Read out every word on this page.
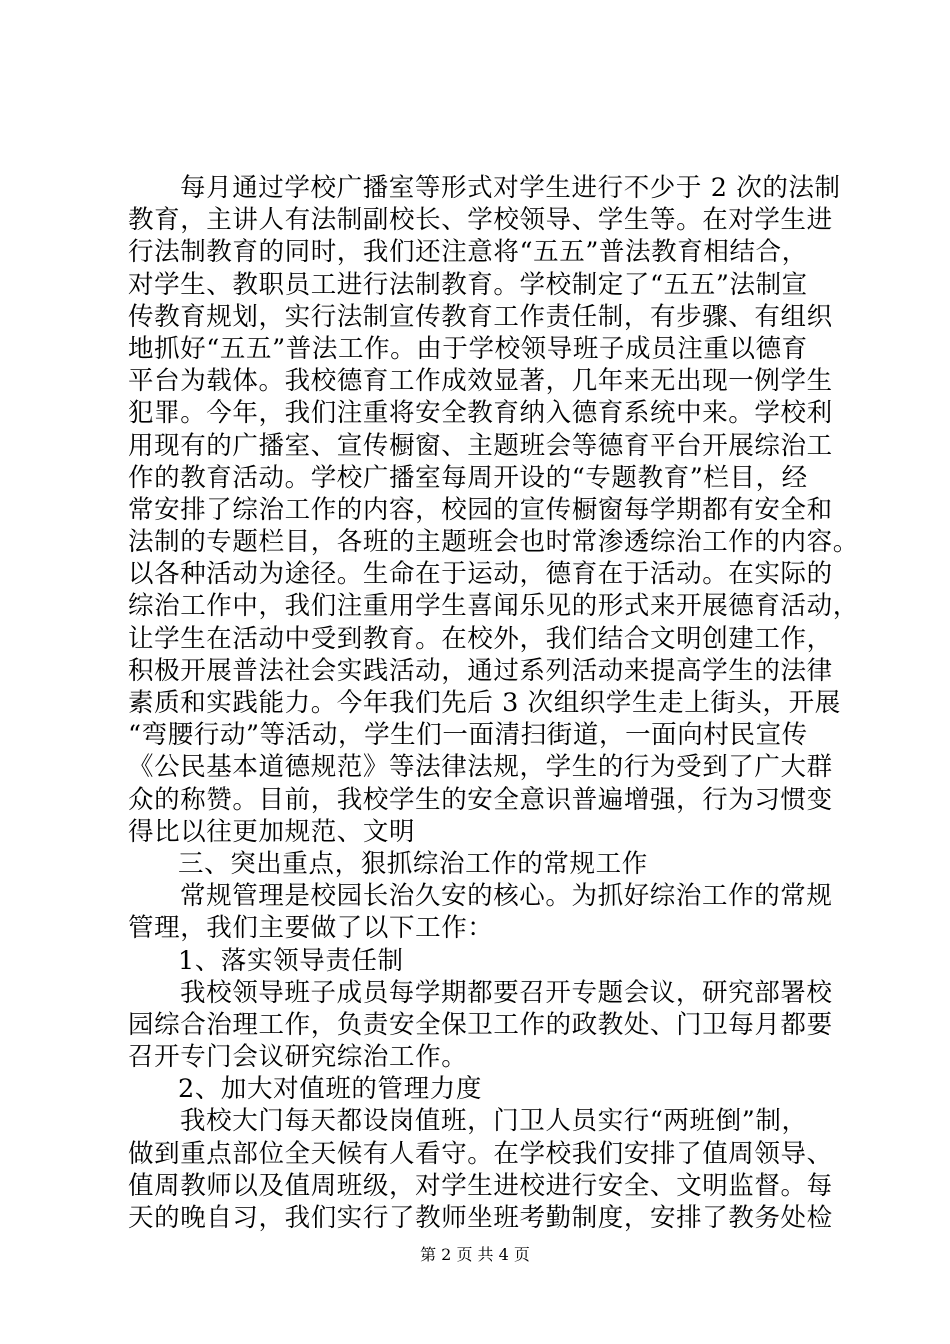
每月通过学校广播室等形式对学生进行不少于 2 次的法制
教育，主讲人有法制副校长、学校领导、学生等。在对学生进
行法制教育的同时，我们还注意将“五五”普法教育相结合，
对学生、教职员工进行法制教育。学校制定了“五五”法制宣
传教育规划，实行法制宣传教育工作责任制，有步骤、有组织
地抓好“五五”普法工作。由于学校领导班子成员注重以德育
平台为载体。我校德育工作成效显著，几年来无出现一例学生
犯罪。今年，我们注重将安全教育纳入德育系统中来。学校利
用现有的广播室、宣传橱窗、主题班会等德育平台开展综治工
作的教育活动。学校广播室每周开设的“专题教育”栏目，经
常安排了综治工作的内容，校园的宣传橱窗每学期都有安全和
法制的专题栏目，各班的主题班会也时常渗透综治工作的内容。
以各种活动为途径。生命在于运动，德育在于活动。在实际的
综治工作中，我们注重用学生喜闻乐见的形式来开展德育活动，
让学生在活动中受到教育。在校外，我们结合文明创建工作，
积极开展普法社会实践活动，通过系列活动来提高学生的法律
素质和实践能力。今年我们先后 3 次组织学生走上街头，开展
“弯腰行动”等活动，学生们一面清扫街道，一面向村民宣传
《公民基本道德规范》等法律法规，学生的行为受到了广大群
众的称赞。目前，我校学生的安全意识普遍增强，行为习惯变
得比以往更加规范、文明
三、突出重点，狠抓综治工作的常规工作
常规管理是校园长治久安的核心。为抓好综治工作的常规
管理，我们主要做了以下工作：
1、落实领导责任制
我校领导班子成员每学期都要召开专题会议，研究部署校
园综合治理工作，负责安全保卫工作的政教处、门卫每月都要
召开专门会议研究综治工作。
2、加大对值班的管理力度
我校大门每天都设岗值班，门卫人员实行“两班倒”制，
做到重点部位全天候有人看守。在学校我们安排了值周领导、
值周教师以及值周班级，对学生进校进行安全、文明监督。每
天的晚自习，我们实行了教师坐班考勤制度，安排了教务处检
第 2 页 共 4 页
